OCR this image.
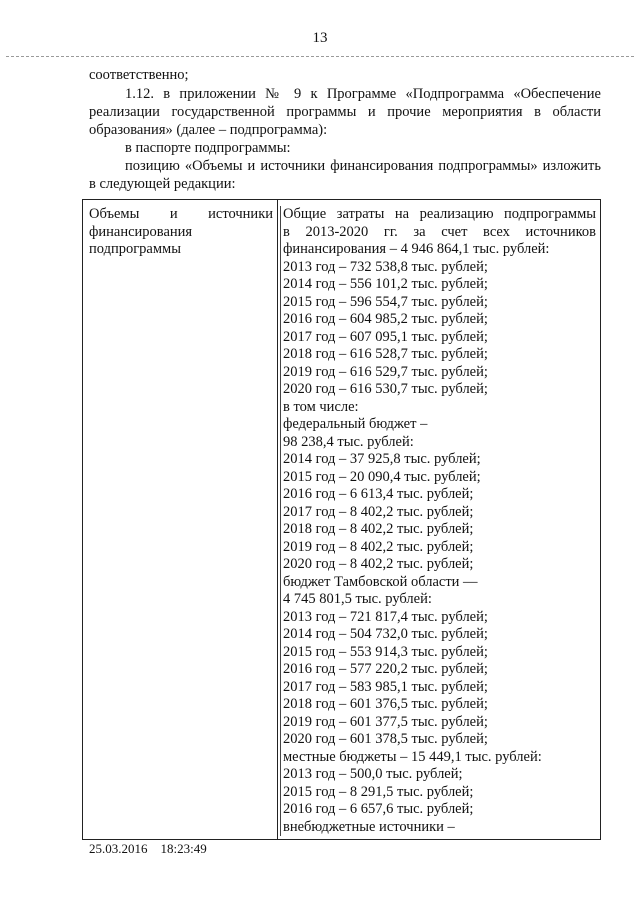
13

соответственно;

1.12. в приложении № 9 к Программе «Подпрограмма «Обеспечение реализации государственной программы и прочие мероприятия в области образования» (далее – подпрограмма):

в паспорте подпрограммы:

позицию «Объемы и источники финансирования подпрограммы» изложить в следующей редакции:

Объемы и источники
финансирования
подпрограммы
Общие затраты на реализацию подпрограммы
в 2013-2020 гг. за счет всех источников
финансирования – 4 946 864,1 тыс. рублей:
2013 год – 732 538,8 тыс. рублей;
2014 год – 556 101,2 тыс. рублей;
2015 год – 596 554,7 тыс. рублей;
2016 год – 604 985,2 тыс. рублей;
2017 год – 607 095,1 тыс. рублей;
2018 год – 616 528,7 тыс. рублей;
2019 год – 616 529,7 тыс. рублей;
2020 год – 616 530,7 тыс. рублей;
в том числе:
федеральный бюджет –
98 238,4 тыс. рублей:
2014 год – 37 925,8 тыс. рублей;
2015 год – 20 090,4 тыс. рублей;
2016 год – 6 613,4 тыс. рублей;
2017 год – 8 402,2 тыс. рублей;
2018 год – 8 402,2 тыс. рублей;
2019 год – 8 402,2 тыс. рублей;
2020 год – 8 402,2 тыс. рублей;
бюджет Тамбовской области —
4 745 801,5 тыс. рублей:
2013 год – 721 817,4 тыс. рублей;
2014 год – 504 732,0 тыс. рублей;
2015 год – 553 914,3 тыс. рублей;
2016 год – 577 220,2 тыс. рублей;
2017 год – 583 985,1 тыс. рублей;
2018 год – 601 376,5 тыс. рублей;
2019 год – 601 377,5 тыс. рублей;
2020 год – 601 378,5 тыс. рублей;
местные бюджеты – 15 449,1 тыс. рублей:
2013 год – 500,0 тыс. рублей;
2015 год – 8 291,5 тыс. рублей;
2016 год – 6 657,6 тыс. рублей;
внебюджетные источники –
25.03.2016 18:23:49
